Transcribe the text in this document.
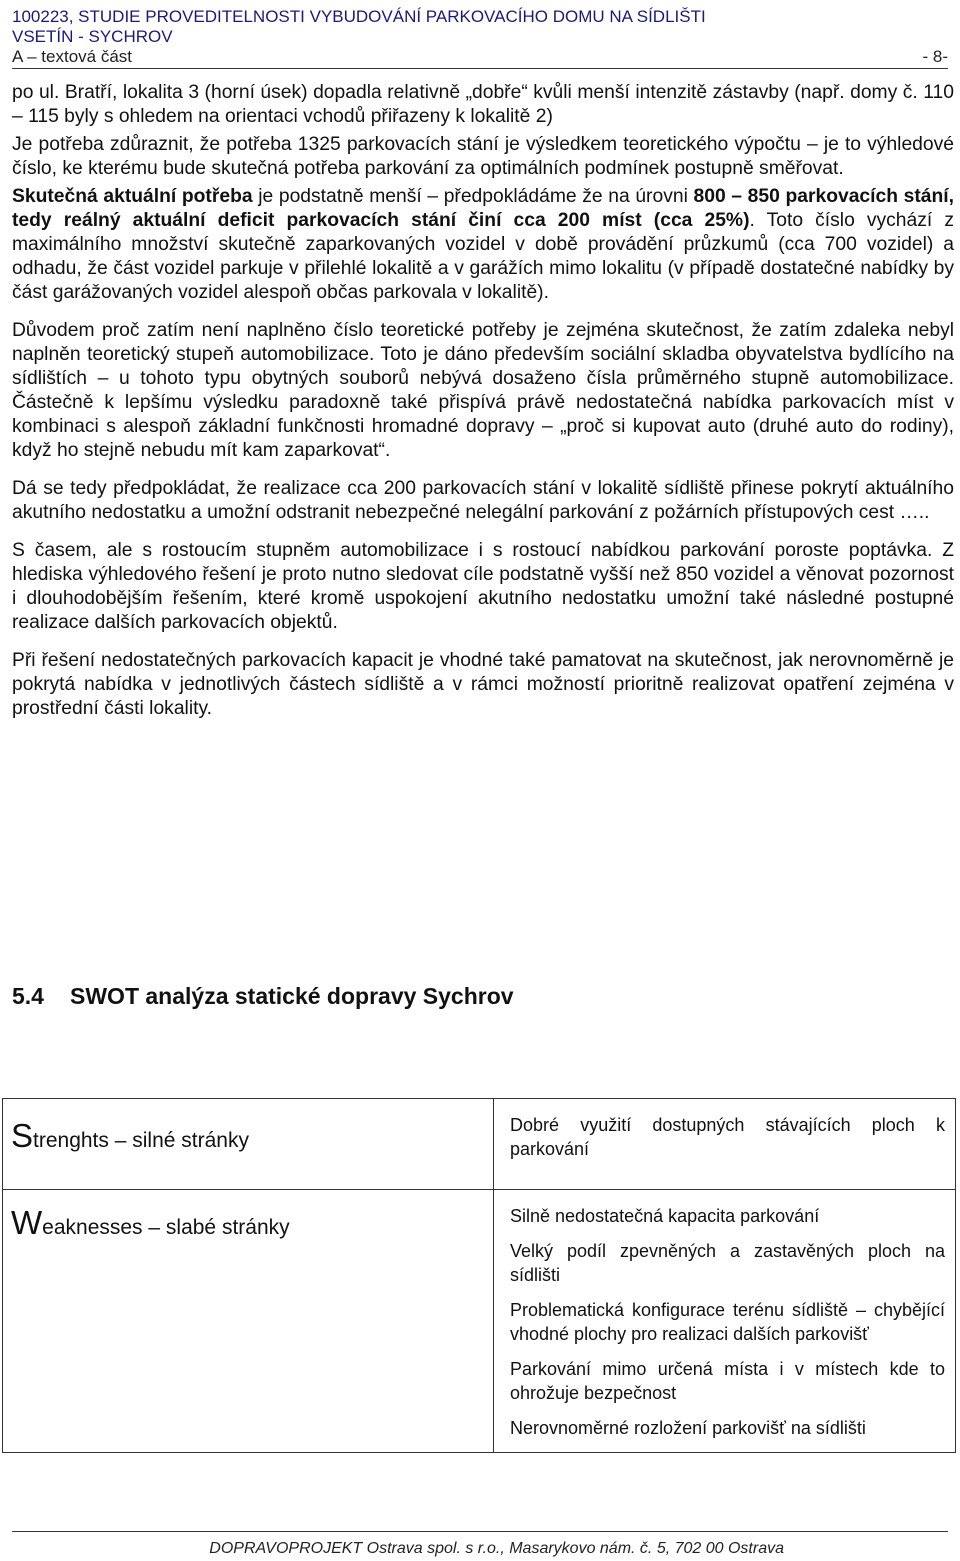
100223, STUDIE PROVEDITELNOSTI VYBUDOVÁNÍ PARKOVACÍHO DOMU NA SÍDLIŠTI
VSETÍN - SYCHROV
A – textová část	- 8-

po ul. Bratří, lokalita 3 (horní úsek) dopadla relativně „dobře“ kvůli menší intenzitě zástavby (např. domy č. 110 – 115 byly s ohledem na orientaci vchodů přiřazeny k lokalitě 2)

Je potřeba zdůraznit, že potřeba 1325 parkovacích stání je výsledkem teoretického výpočtu – je to výhledové číslo, ke kterému bude skutečná potřeba parkování za optimálních podmínek postupně směřovat.

Skutečná aktuální potřeba je podstatně menší – předpokládáme že na úrovni 800 – 850 parkovacích stání, tedy reálný aktuální deficit parkovacích stání činí cca 200 míst (cca 25%). Toto číslo vychází z maximálního množství skutečně zaparkovaných vozidel v době provádění průzkumů (cca 700 vozidel) a odhadu, že část vozidel parkuje v přilehlé lokalitě a v garážích mimo lokalitu (v případě dostatečné nabídky by část garážovaných vozidel alespoň občas parkovala v lokalitě).

Důvodem proč zatím není naplněno číslo teoretické potřeby je zejména skutečnost, že zatím zdaleka nebyl naplněn teoretický stupeň automobilizace. Toto je dáno především sociální skladba obyvatelstva bydlícího na sídlištích – u tohoto typu obytných souborů nebývá dosaženo čísla průměrného stupně automobilizace. Částečně k lepšímu výsledku paradoxně také přispívá právě nedostatečná nabídka parkovacích míst v kombinaci s alespoň základní funkčnosti hromadné dopravy – „proč si kupovat auto (druhé auto do rodiny), když ho stejně nebudu mít kam zaparkovat“.

Dá se tedy předpokládat, že realizace cca 200 parkovacích stání v lokalitě sídliště přinese pokrytí aktuálního akutního nedostatku a umožní odstranit nebezpečné nelegální parkování z požárních přístupových cest …..

S časem, ale s rostoucím stupněm automobilizace i s rostoucí nabídkou parkování poroste poptávka. Z hlediska výhledového řešení je proto nutno sledovat cíle podstatně vyšší než 850 vozidel a věnovat pozornost i dlouhodobějším řešením, které kromě uspokojení akutního nedostatku umožní také následné postupné realizace dalších parkovacích objektů.

Při řešení nedostatečných parkovacích kapacit je vhodné také pamatovat na skutečnost, jak nerovnoměrně je pokrytá nabídka v jednotlivých částech sídliště a v rámci možností prioritně realizovat opatření zejména v prostřední části lokality.

5.4 SWOT analýza statické dopravy Sychrov
Strenghts – silné stránky	Dobré využití dostupných stávajících ploch k parkování

Weaknesses – slabé stránky	Silně nedostatečná kapacita parkování
Velký podíl zpevněných a zastavěných ploch na sídlišti
Problematická konfigurace terénu sídliště – chybějící vhodné plochy pro realizaci dalších parkovišť
Parkování mimo určená místa i v místech kde to ohrožuje bezpečnost
Nerovnoměrné rozložení parkovišť na sídlišti
DOPRAVOPROJEKT Ostrava spol. s r.o., Masarykovo nám. č. 5, 702 00 Ostrava
